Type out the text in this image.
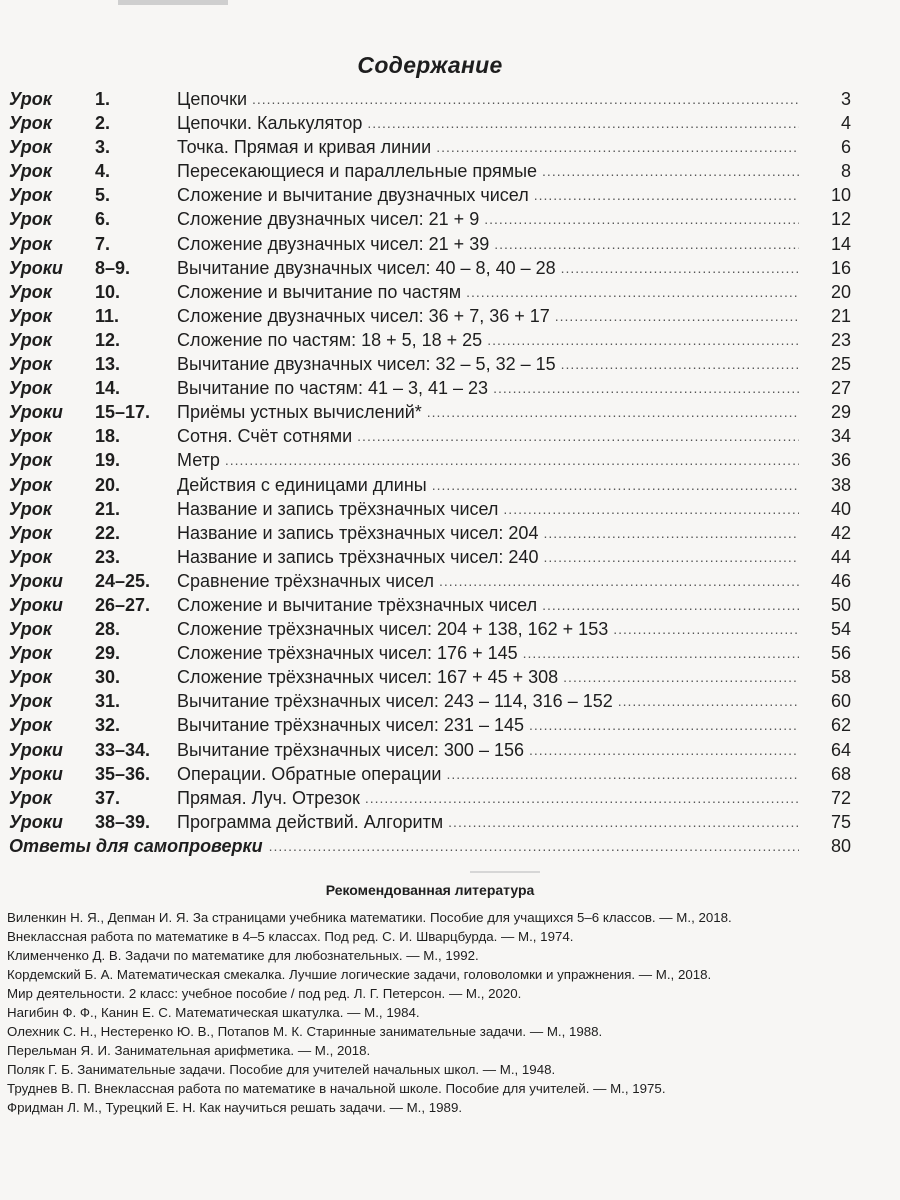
Содержание
Урок 1.	Цепочки .....	3
Урок 2.	Цепочки. Калькулятор .....	4
Урок 3.	Точка. Прямая и кривая линии .....	6
Урок 4.	Пересекающиеся и параллельные прямые .....	8
Урок 5.	Сложение и вычитание двузначных чисел .....	10
Урок 6.	Сложение двузначных чисел: 21 + 9 .....	12
Урок 7.	Сложение двузначных чисел: 21 + 39 .....	14
Уроки 8–9.	Вычитание двузначных чисел: 40 – 8, 40 – 28 .....	16
Урок 10.	Сложение и вычитание по частям .....	20
Урок 11.	Сложение двузначных чисел: 36 + 7, 36 + 17 .....	21
Урок 12.	Сложение по частям: 18 + 5, 18 + 25 .....	23
Урок 13.	Вычитание двузначных чисел: 32 – 5, 32 – 15 .....	25
Урок 14.	Вычитание по частям: 41 – 3, 41 – 23 .....	27
Уроки 15–17. Приёмы устных вычислений* .....	29
Урок 18.	Сотня. Счёт сотнями .....	34
Урок 19.	Метр .....	36
Урок 20.	Действия с единицами длины .....	38
Урок 21.	Название и запись трёхзначных чисел .....	40
Урок 22.	Название и запись трёхзначных чисел: 204 .....	42
Урок 23.	Название и запись трёхзначных чисел: 240 .....	44
Уроки 24–25. Сравнение трёхзначных чисел .....	46
Уроки 26–27. Сложение и вычитание трёхзначных чисел .....	50
Урок 28.	Сложение трёхзначных чисел: 204 + 138, 162 + 153 .....	54
Урок 29.	Сложение трёхзначных чисел: 176 + 145 .....	56
Урок 30.	Сложение трёхзначных чисел: 167 + 45 + 308 .....	58
Урок 31.	Вычитание трёхзначных чисел: 243 – 114, 316 – 152 .....	60
Урок 32.	Вычитание трёхзначных чисел: 231 – 145 .....	62
Уроки 33–34. Вычитание трёхзначных чисел: 300 – 156 .....	64
Уроки 35–36. Операции. Обратные операции .....	68
Урок 37.	Прямая. Луч. Отрезок .....	72
Уроки 38–39. Программа действий. Алгоритм .....	75
Ответы для самопроверки .....	80
Рекомендованная литература

Виленкин Н. Я., Депман И. Я. За страницами учебника математики. Пособие для учащихся 5–6 классов. — М., 2018.

Внеклассная работа по математике в 4–5 классах. Под ред. С. И. Шварцбурда. — М., 1974.

Клименченко Д. В. Задачи по математике для любознательных. — М., 1992.

Кордемский Б. А. Математическая смекалка. Лучшие логические задачи, головоломки и упражнения. — М., 2018.

Мир деятельности. 2 класс: учебное пособие / под ред. Л. Г. Петерсон. — М., 2020.

Нагибин Ф. Ф., Канин Е. С. Математическая шкатулка. — М., 1984.

Олехник С. Н., Нестеренко Ю. В., Потапов М. К. Старинные занимательные задачи. — М., 1988.

Перельман Я. И. Занимательная арифметика. — М., 2018.

Поляк Г. Б. Занимательные задачи. Пособие для учителей начальных школ. — М., 1948.

Труднев В. П. Внеклассная работа по математике в начальной школе. Пособие для учителей. — М., 1975.

Фридман Л. М., Турецкий Е. Н. Как научиться решать задачи. — М., 1989.
